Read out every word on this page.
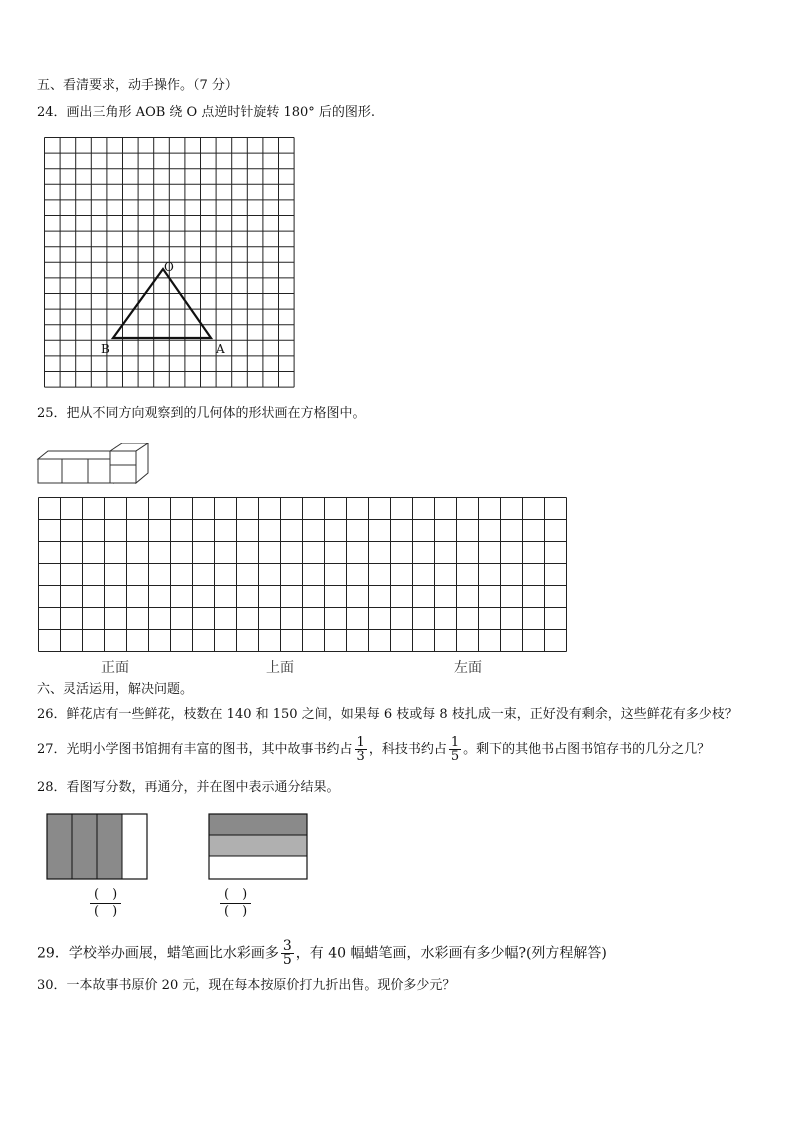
五、看清要求，动手操作。（7 分）
24．画出三角形 AOB 绕 O 点逆时针旋转 180° 后的图形.
O
B	A
25．把从不同方向观察到的几何体的形状画在方格图中。
正面	上面	左面
六、灵活运用，解决问题。
26．鲜花店有一些鲜花，枝数在 140 和 150 之间，如果每 6 枝或每 8 枝扎成一束，正好没有剩余，这些鲜花有多少枝？
27．光明小学图书馆拥有丰富的图书，其中故事书约占 $\frac{1}{3}$ ，科技书约占 $\frac{1}{5}$ 。剩下的其他书占图书馆存书的几分之几？
28．看图写分数，再通分，并在图中表示通分结果。
(　)
(　)
(　)
(　)
29．学校举办画展，蜡笔画比水彩画多 $\frac{3}{5}$ ，有 40 幅蜡笔画，水彩画有多少幅?(列方程解答)
30．一本故事书原价 20 元，现在每本按原价打九折出售。现价多少元？
